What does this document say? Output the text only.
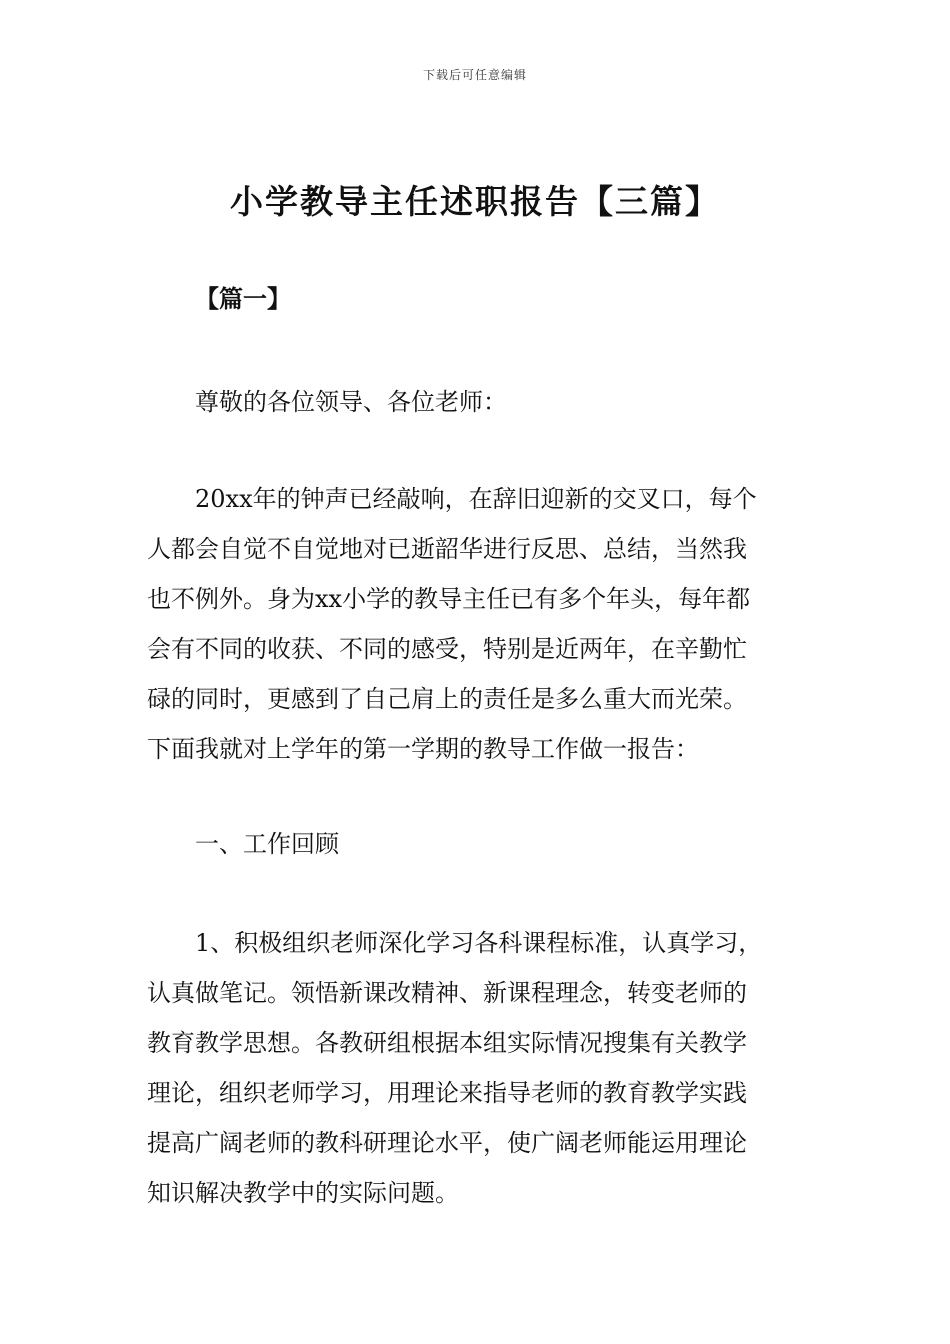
下载后可任意编辑
小学教导主任述职报告【三篇】

【篇一】

尊敬的各位领导、各位老师：

20xx年的钟声已经敲响，在辞旧迎新的交叉口，每个
人都会自觉不自觉地对已逝韶华进行反思、总结，当然我
也不例外。身为xx小学的教导主任已有多个年头，每年都
会有不同的收获、不同的感受，特别是近两年，在辛勤忙
碌的同时，更感到了自己肩上的责任是多么重大而光荣。
下面我就对上学年的第一学期的教导工作做一报告：

一、工作回顾

1、积极组织老师深化学习各科课程标准，认真学习，
认真做笔记。领悟新课改精神、新课程理念，转变老师的
教育教学思想。各教研组根据本组实际情况搜集有关教学
理论，组织老师学习，用理论来指导老师的教育教学实践
提高广阔老师的教科研理论水平，使广阔老师能运用理论
知识解决教学中的实际问题。
